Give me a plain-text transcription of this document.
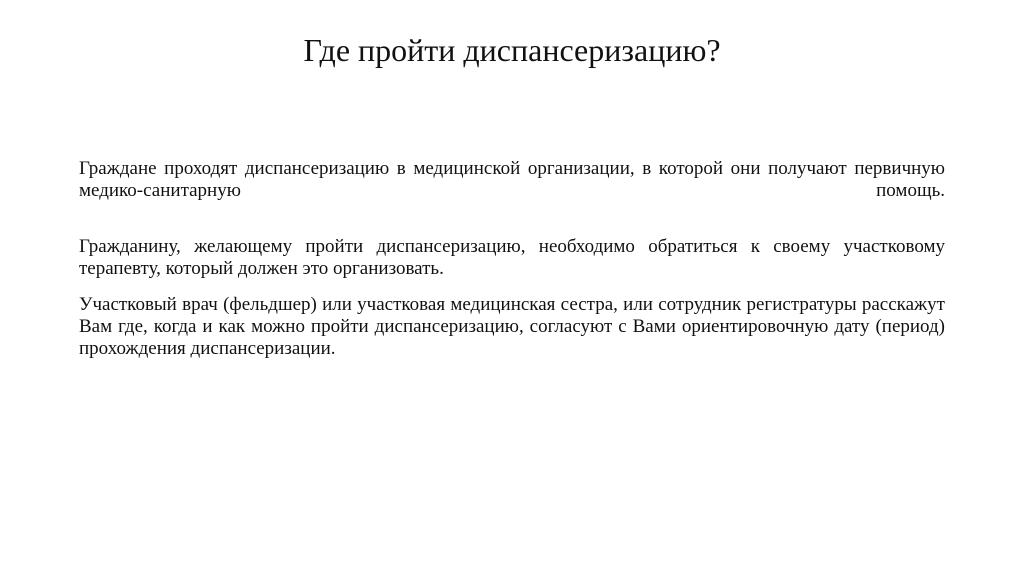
Где пройти диспансеризацию?

Граждане проходят диспансеризацию в медицинской организации, в которой они получают первичную медико-санитарную помощь.

Гражданину, желающему пройти диспансеризацию, необходимо обратиться к своему участковому терапевту, который должен это организовать.

Участковый врач (фельдшер) или участковая медицинская сестра, или сотрудник регистратуры расскажут Вам где, когда и как можно пройти диспансеризацию, согласуют с Вами ориентировочную дату (период) прохождения диспансеризации.
